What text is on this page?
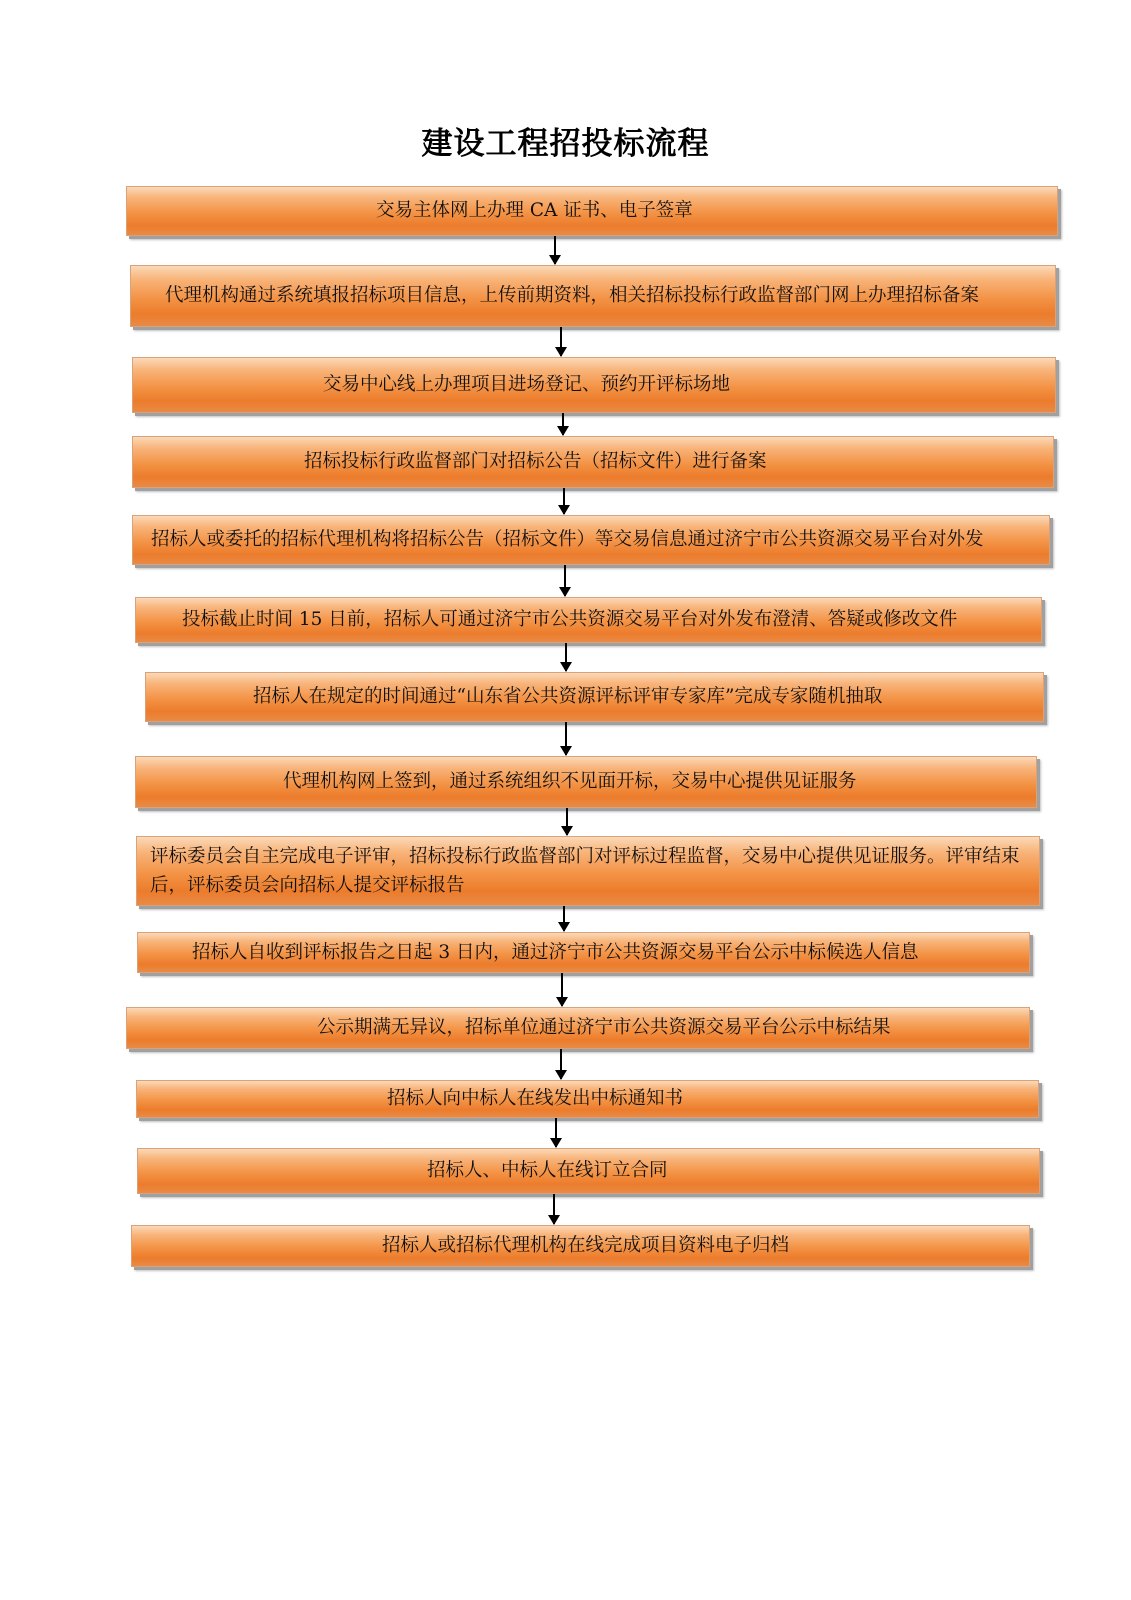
建设工程招投标流程
交易主体网上办理 CA 证书、电子签章
代理机构通过系统填报招标项目信息，上传前期资料，相关招标投标行政监督部门网上办理招标备案
交易中心线上办理项目进场登记、预约开评标场地
招标投标行政监督部门对招标公告（招标文件）进行备案
招标人或委托的招标代理机构将招标公告（招标文件）等交易信息通过济宁市公共资源交易平台对外发
投标截止时间 15 日前，招标人可通过济宁市公共资源交易平台对外发布澄清、答疑或修改文件
招标人在规定的时间通过“山东省公共资源评标评审专家库”完成专家随机抽取
代理机构网上签到，通过系统组织不见面开标，交易中心提供见证服务
评标委员会自主完成电子评审，招标投标行政监督部门对评标过程监督，交易中心提供见证服务。评审结束后，评标委员会向招标人提交评标报告
招标人自收到评标报告之日起 3 日内，通过济宁市公共资源交易平台公示中标候选人信息
公示期满无异议，招标单位通过济宁市公共资源交易平台公示中标结果
招标人向中标人在线发出中标通知书
招标人、中标人在线订立合同
招标人或招标代理机构在线完成项目资料电子归档
